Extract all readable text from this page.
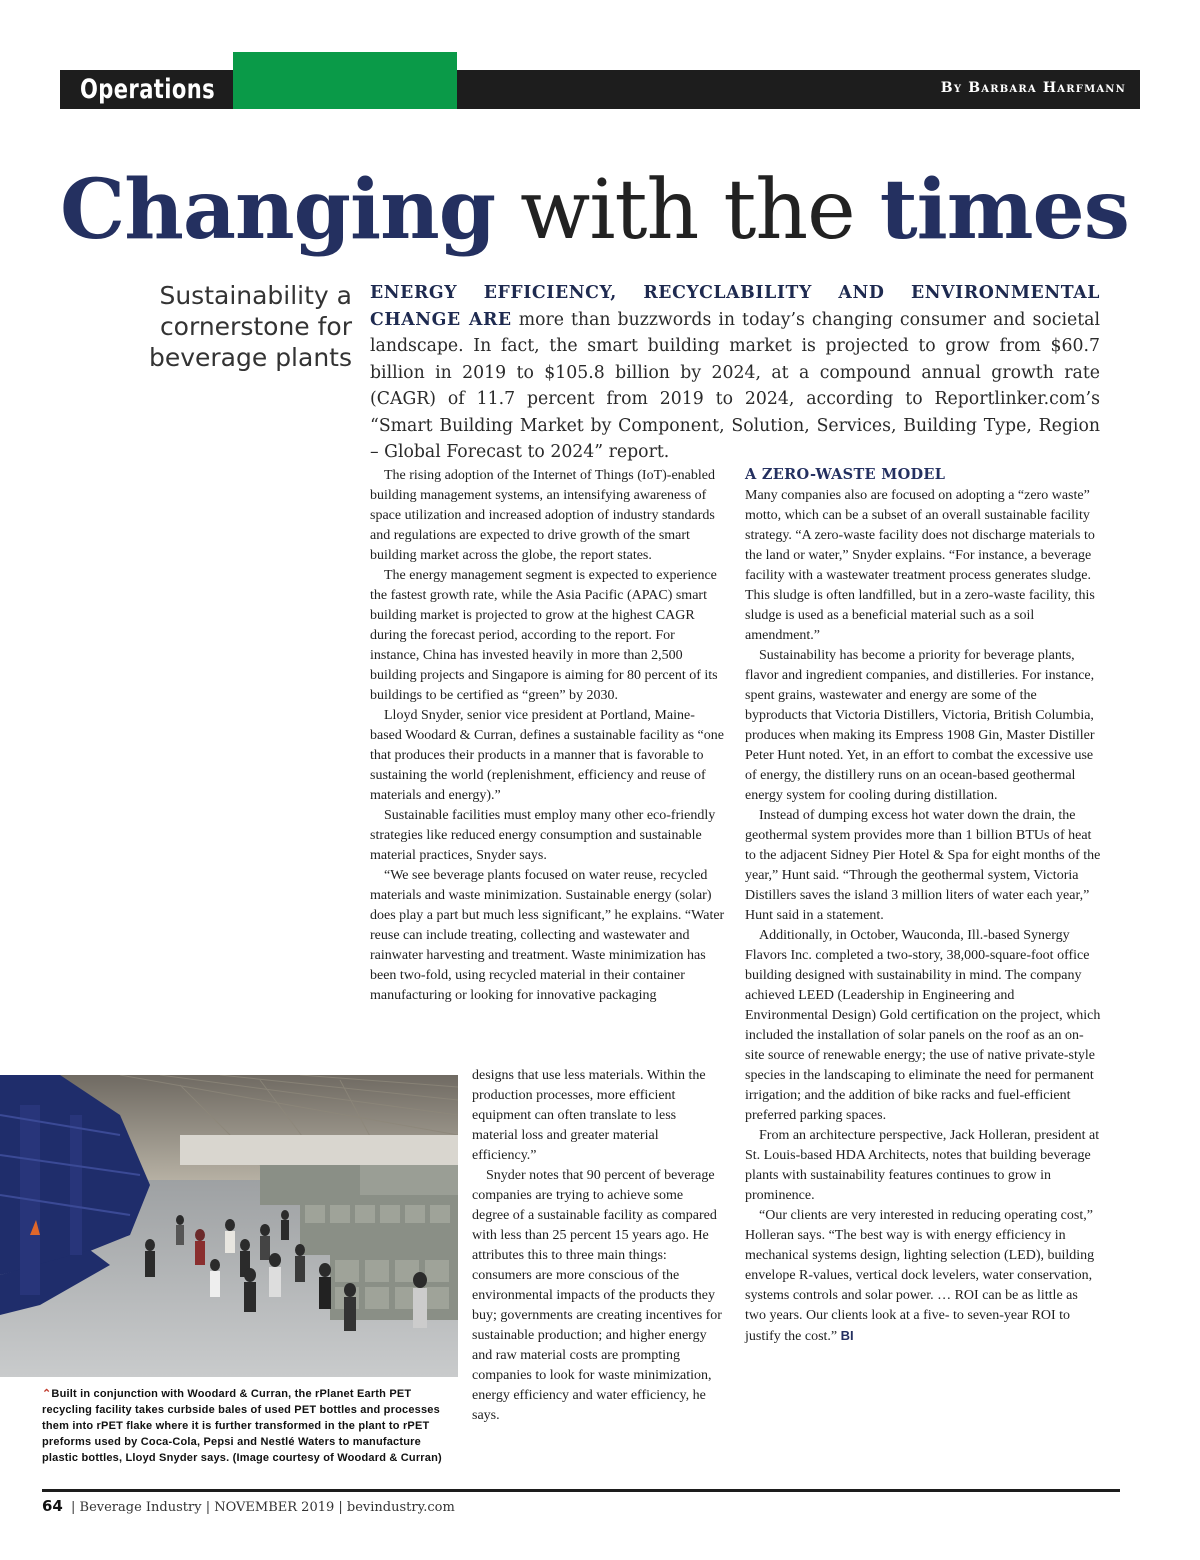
Operations	By Barbara Harfmann
Changing with the times
Sustainability a cornerstone for beverage plants
ENERGY EFFICIENCY, RECYCLABILITY AND ENVIRONMENTAL CHANGE ARE more than buzzwords in today’s changing consumer and societal landscape. In fact, the smart building market is projected to grow from $60.7 billion in 2019 to $105.8 billion by 2024, at a compound annual growth rate (CAGR) of 11.7 percent from 2019 to 2024, according to Reportlinker.com’s “Smart Building Market by Component, Solution, Services, Building Type, Region – Global Forecast to 2024” report.

The rising adoption of the Internet of Things (IoT)-enabled building management systems, an intensifying awareness of space utilization and increased adoption of industry standards and regulations are expected to drive growth of the smart building market across the globe, the report states.

The energy management segment is expected to experience the fastest growth rate, while the Asia Pacific (APAC) smart building market is projected to grow at the highest CAGR during the forecast period, according to the report. For instance, China has invested heavily in more than 2,500 building projects and Singapore is aiming for 80 percent of its buildings to be certified as “green” by 2030.

Lloyd Snyder, senior vice president at Portland, Maine-based Woodard & Curran, defines a sustainable facility as “one that produces their products in a manner that is favorable to sustaining the world (replenishment, efficiency and reuse of materials and energy).”

Sustainable facilities must employ many other eco-friendly strategies like reduced energy consumption and sustainable material practices, Snyder says.

“We see beverage plants focused on water reuse, recycled materials and waste minimization. Sustainable energy (solar) does play a part but much less significant,” he explains. “Water reuse can include treating, collecting and wastewater and rainwater harvesting and treatment. Waste minimization has been two-fold, using recycled material in their container manufacturing or looking for innovative packaging

designs that use less materials. Within the production processes, more efficient equipment can often translate to less material loss and greater material efficiency.”

Snyder notes that 90 percent of beverage companies are trying to achieve some degree of a sustainable facility as compared with less than 25 percent 15 years ago. He attributes this to three main things: consumers are more conscious of the environmental impacts of the products they buy; governments are creating incentives for sustainable production; and higher energy and raw material costs are prompting companies to look for waste minimization, energy efficiency and water efficiency, he says.

A ZERO-WASTE MODEL

Many companies also are focused on adopting a “zero waste” motto, which can be a subset of an overall sustainable facility strategy. “A zero-waste facility does not discharge materials to the land or water,” Snyder explains. “For instance, a beverage facility with a wastewater treatment process generates sludge. This sludge is often landfilled, but in a zero-waste facility, this sludge is used as a beneficial material such as a soil amendment.”

Sustainability has become a priority for beverage plants, flavor and ingredient companies, and distilleries. For instance, spent grains, wastewater and energy are some of the byproducts that Victoria Distillers, Victoria, British Columbia, produces when making its Empress 1908 Gin, Master Distiller Peter Hunt noted. Yet, in an effort to combat the excessive use of energy, the distillery runs on an ocean-based geothermal energy system for cooling during distillation.

Instead of dumping excess hot water down the drain, the geothermal system provides more than 1 billion BTUs of heat to the adjacent Sidney Pier Hotel & Spa for eight months of the year,” Hunt said. “Through the geothermal system, Victoria Distillers saves the island 3 million liters of water each year,” Hunt said in a statement.

Additionally, in October, Wauconda, Ill.-based Synergy Flavors Inc. completed a two-story, 38,000-square-foot office building designed with sustainability in mind. The company achieved LEED (Leadership in Engineering and Environmental Design) Gold certification on the project, which included the installation of solar panels on the roof as an on-site source of renewable energy; the use of native private-style species in the landscaping to eliminate the need for permanent irrigation; and the addition of bike racks and fuel-efficient preferred parking spaces.

From an architecture perspective, Jack Holleran, president at St. Louis-based HDA Architects, notes that building beverage plants with sustainability features continues to grow in prominence.

“Our clients are very interested in reducing operating cost,” Holleran says. “The best way is with energy efficiency in mechanical systems design, lighting selection (LED), building envelope R-values, vertical dock levelers, water conservation, systems controls and solar power. … ROI can be as little as two years. Our clients look at a five- to seven-year ROI to justify the cost.” BI

⌃Built in conjunction with Woodard & Curran, the rPlanet Earth PET recycling facility takes curbside bales of used PET bottles and processes them into rPET flake where it is further transformed in the plant to rPET preforms used by Coca-Cola, Pepsi and Nestlé Waters to manufacture plastic bottles, Lloyd Snyder says. (Image courtesy of Woodard & Curran)
64 | Beverage Industry | NOVEMBER 2019 | bevindustry.com
